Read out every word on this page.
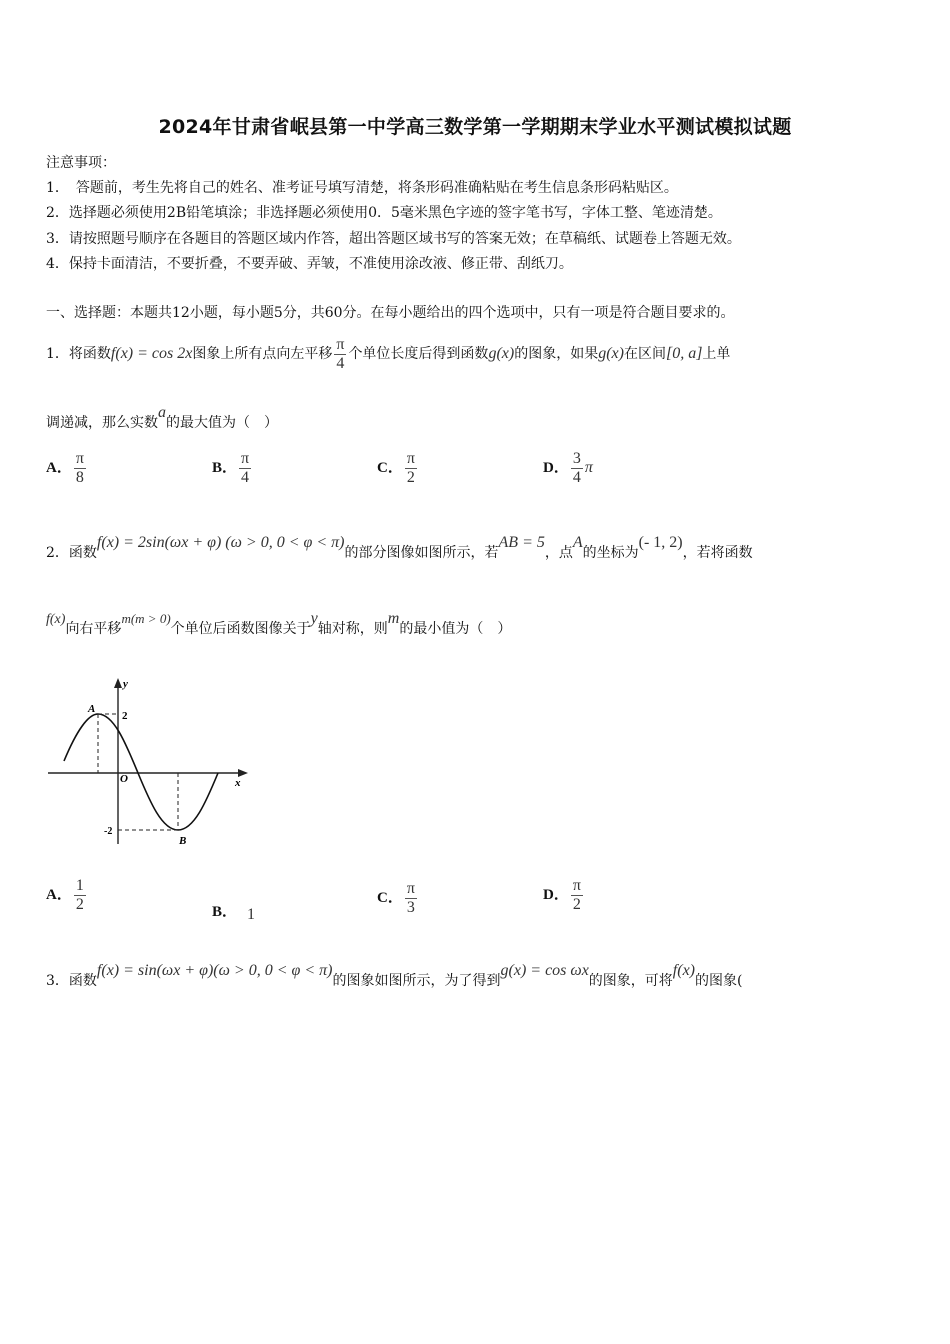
2024年甘肃省岷县第一中学高三数学第一学期期末学业水平测试模拟试题
注意事项：
1．　答题前，考生先将自己的姓名、准考证号填写清楚，将条形码准确粘贴在考生信息条形码粘贴区。
2．选择题必须使用2B铅笔填涂；非选择题必须使用0．5毫米黑色字迹的签字笔书写，字体工整、笔迹清楚。
3．请按照题号顺序在各题目的答题区域内作答，超出答题区域书写的答案无效；在草稿纸、试题卷上答题无效。
4．保持卡面清洁，不要折叠，不要弄破、弄皱，不准使用涂改液、修正带、刮纸刀。
一、选择题：本题共12小题，每小题5分，共60分。在每小题给出的四个选项中，只有一项是符合题目要求的。
1．将函数f(x) = cos 2x图象上所有点向左平移 $\frac{\pi}{4}$ 个单位长度后得到函数g(x)的图象，如果g(x)在区间[0, a]上单
调递减，那么实数a的最大值为（　）
A． $\frac{\pi}{8}$	B． $\frac{\pi}{4}$	C． $\frac{\pi}{2}$	D． $\frac{3}{4}$ π
2．函数f(x) = 2sin(ωx + φ) (ω > 0, 0 < φ < π)的部分图像如图所示，若AB = 5，点A的坐标为(- 1, 2)，若将函数
f(x)向右平移m(m > 0)个单位后函数图像关于y轴对称，则m的最小值为（　）
y
x
O
A
B
2
-2
A． $\frac{1}{2}$	B． 1
C． $\frac{\pi}{3}$	D． $\frac{\pi}{2}$
3．函数f(x) = sin(ωx + φ)(ω > 0, 0 < φ < π)的图象如图所示，为了得到g(x) = cos ωx的图象，可将f(x)的图象(
